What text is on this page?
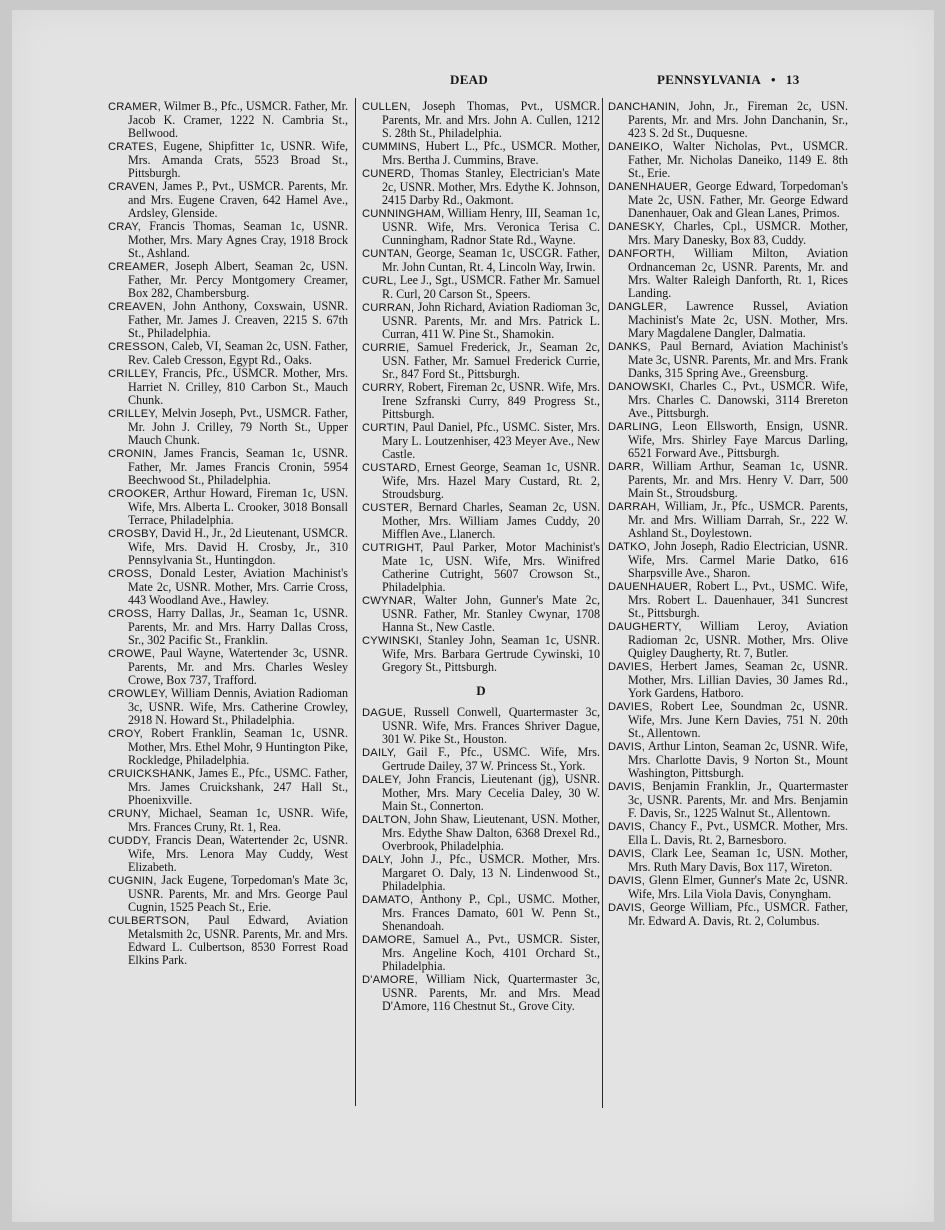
DEAD	PENNSYLVANIA • 13
CRAMER, Wilmer B., Pfc., USMCR. Father, Mr. Jacob K. Cramer, 1222 N. Cambria St., Bellwood.
CRATES, Eugene, Shipfitter 1c, USNR. Wife, Mrs. Amanda Crats, 5523 Broad St., Pittsburgh.
CRAVEN, James P., Pvt., USMCR. Parents, Mr. and Mrs. Eugene Craven, 642 Hamel Ave., Ardsley, Glenside.
CRAY, Francis Thomas, Seaman 1c, USNR. Mother, Mrs. Mary Agnes Cray, 1918 Brock St., Ashland.
CREAMER, Joseph Albert, Seaman 2c, USN. Father, Mr. Percy Montgomery Creamer, Box 282, Chambersburg.
CREAVEN, John Anthony, Coxswain, USNR. Father, Mr. James J. Creaven, 2215 S. 67th St., Philadelphia.
CRESSON, Caleb, VI, Seaman 2c, USN. Father, Rev. Caleb Cresson, Egypt Rd., Oaks.
CRILLEY, Francis, Pfc., USMCR. Mother, Mrs. Harriet N. Crilley, 810 Carbon St., Mauch Chunk.
CRILLEY, Melvin Joseph, Pvt., USMCR. Father, Mr. John J. Crilley, 79 North St., Upper Mauch Chunk.
CRONIN, James Francis, Seaman 1c, USNR. Father, Mr. James Francis Cronin, 5954 Beechwood St., Philadelphia.
CROOKER, Arthur Howard, Fireman 1c, USN. Wife, Mrs. Alberta L. Crooker, 3018 Bonsall Terrace, Philadelphia.
CROSBY, David H., Jr., 2d Lieutenant, USMCR. Wife, Mrs. David H. Crosby, Jr., 310 Pennsylvania St., Huntingdon.
CROSS, Donald Lester, Aviation Machinist's Mate 2c, USNR. Mother, Mrs. Carrie Cross, 443 Woodland Ave., Hawley.
CROSS, Harry Dallas, Jr., Seaman 1c, USNR. Parents, Mr. and Mrs. Harry Dallas Cross, Sr., 302 Pacific St., Franklin.
CROWE, Paul Wayne, Watertender 3c, USNR. Parents, Mr. and Mrs. Charles Wesley Crowe, Box 737, Trafford.
CROWLEY, William Dennis, Aviation Radioman 3c, USNR. Wife, Mrs. Catherine Crowley, 2918 N. Howard St., Philadelphia.
CROY, Robert Franklin, Seaman 1c, USNR. Mother, Mrs. Ethel Mohr, 9 Huntington Pike, Rockledge, Philadelphia.
CRUICKSHANK, James E., Pfc., USMC. Father, Mrs. James Cruickshank, 247 Hall St., Phoenixville.
CRUNY, Michael, Seaman 1c, USNR. Wife, Mrs. Frances Cruny, Rt. 1, Rea.
CUDDY, Francis Dean, Watertender 2c, USNR. Wife, Mrs. Lenora May Cuddy, West Elizabeth.
CUGNIN, Jack Eugene, Torpedoman's Mate 3c, USNR. Parents, Mr. and Mrs. George Paul Cugnin, 1525 Peach St., Erie.
CULBERTSON, Paul Edward, Aviation Metalsmith 2c, USNR. Parents, Mr. and Mrs. Edward L. Culbertson, 8530 Forrest Road Elkins Park.
CULLEN, Joseph Thomas, Pvt., USMCR. Parents, Mr. and Mrs. John A. Cullen, 1212 S. 28th St., Philadelphia.
CUMMINS, Hubert L., Pfc., USMCR. Mother, Mrs. Bertha J. Cummins, Brave.
CUNERD, Thomas Stanley, Electrician's Mate 2c, USNR. Mother, Mrs. Edythe K. Johnson, 2415 Darby Rd., Oakmont.
CUNNINGHAM, William Henry, III, Seaman 1c, USNR. Wife, Mrs. Veronica Terisa C. Cunningham, Radnor State Rd., Wayne.
CUNTAN, George, Seaman 1c, USCGR. Father, Mr. John Cuntan, Rt. 4, Lincoln Way, Irwin.
CURL, Lee J., Sgt., USMCR. Father Mr. Samuel R. Curl, 20 Carson St., Speers.
CURRAN, John Richard, Aviation Radioman 3c, USNR. Parents, Mr. and Mrs. Patrick L. Curran, 411 W. Pine St., Shamokin.
CURRIE, Samuel Frederick, Jr., Seaman 2c, USN. Father, Mr. Samuel Frederick Currie, Sr., 847 Ford St., Pittsburgh.
CURRY, Robert, Fireman 2c, USNR. Wife, Mrs. Irene Szfranski Curry, 849 Progress St., Pittsburgh.
CURTIN, Paul Daniel, Pfc., USMC. Sister, Mrs. Mary L. Loutzenhiser, 423 Meyer Ave., New Castle.
CUSTARD, Ernest George, Seaman 1c, USNR. Wife, Mrs. Hazel Mary Custard, Rt. 2, Stroudsburg.
CUSTER, Bernard Charles, Seaman 2c, USN. Mother, Mrs. William James Cuddy, 20 Mifflen Ave., Llanerch.
CUTRIGHT, Paul Parker, Motor Machinist's Mate 1c, USN. Wife, Mrs. Winifred Catherine Cutright, 5607 Crowson St., Philadelphia.
CWYNAR, Walter John, Gunner's Mate 2c, USNR. Father, Mr. Stanley Cwynar, 1708 Hanna St., New Castle.
CYWINSKI, Stanley John, Seaman 1c, USNR. Wife, Mrs. Barbara Gertrude Cywinski, 10 Gregory St., Pittsburgh.
D
DAGUE, Russell Conwell, Quartermaster 3c, USNR. Wife, Mrs. Frances Shriver Dague, 301 W. Pike St., Houston.
DAILY, Gail F., Pfc., USMC. Wife, Mrs. Gertrude Dailey, 37 W. Princess St., York.
DALEY, John Francis, Lieutenant (jg), USNR. Mother, Mrs. Mary Cecelia Daley, 30 W. Main St., Connerton.
DALTON, John Shaw, Lieutenant, USN. Mother, Mrs. Edythe Shaw Dalton, 6368 Drexel Rd., Overbrook, Philadelphia.
DALY, John J., Pfc., USMCR. Mother, Mrs. Margaret O. Daly, 13 N. Lindenwood St., Philadelphia.
DAMATO, Anthony P., Cpl., USMC. Mother, Mrs. Frances Damato, 601 W. Penn St., Shenandoah.
DAMORE, Samuel A., Pvt., USMCR. Sister, Mrs. Angeline Koch, 4101 Orchard St., Philadelphia.
D'AMORE, William Nick, Quartermaster 3c, USNR. Parents, Mr. and Mrs. Mead D'Amore, 116 Chestnut St., Grove City.
DANCHANIN, John, Jr., Fireman 2c, USN. Parents, Mr. and Mrs. John Danchanin, Sr., 423 S. 2d St., Duquesne.
DANEIKO, Walter Nicholas, Pvt., USMCR. Father, Mr. Nicholas Daneiko, 1149 E. 8th St., Erie.
DANENHAUER, George Edward, Torpedoman's Mate 2c, USN. Father, Mr. George Edward Danenhauer, Oak and Glean Lanes, Primos.
DANESKY, Charles, Cpl., USMCR. Mother, Mrs. Mary Danesky, Box 83, Cuddy.
DANFORTH, William Milton, Aviation Ordnanceman 2c, USNR. Parents, Mr. and Mrs. Walter Raleigh Danforth, Rt. 1, Rices Landing.
DANGLER, Lawrence Russel, Aviation Machinist's Mate 2c, USN. Mother, Mrs. Mary Magdalene Dangler, Dalmatia.
DANKS, Paul Bernard, Aviation Machinist's Mate 3c, USNR. Parents, Mr. and Mrs. Frank Danks, 315 Spring Ave., Greensburg.
DANOWSKI, Charles C., Pvt., USMCR. Wife, Mrs. Charles C. Danowski, 3114 Brereton Ave., Pittsburgh.
DARLING, Leon Ellsworth, Ensign, USNR. Wife, Mrs. Shirley Faye Marcus Darling, 6521 Forward Ave., Pittsburgh.
DARR, William Arthur, Seaman 1c, USNR. Parents, Mr. and Mrs. Henry V. Darr, 500 Main St., Stroudsburg.
DARRAH, William, Jr., Pfc., USMCR. Parents, Mr. and Mrs. William Darrah, Sr., 222 W. Ashland St., Doylestown.
DATKO, John Joseph, Radio Electrician, USNR. Wife, Mrs. Carmel Marie Datko, 616 Sharpsville Ave., Sharon.
DAUENHAUER, Robert L., Pvt., USMC. Wife, Mrs. Robert L. Dauenhauer, 341 Suncrest St., Pittsburgh.
DAUGHERTY, William Leroy, Aviation Radioman 2c, USNR. Mother, Mrs. Olive Quigley Daugherty, Rt. 7, Butler.
DAVIES, Herbert James, Seaman 2c, USNR. Mother, Mrs. Lillian Davies, 30 James Rd., York Gardens, Hatboro.
DAVIES, Robert Lee, Soundman 2c, USNR. Wife, Mrs. June Kern Davies, 751 N. 20th St., Allentown.
DAVIS, Arthur Linton, Seaman 2c, USNR. Wife, Mrs. Charlotte Davis, 9 Norton St., Mount Washington, Pittsburgh.
DAVIS, Benjamin Franklin, Jr., Quartermaster 3c, USNR. Parents, Mr. and Mrs. Benjamin F. Davis, Sr., 1225 Walnut St., Allentown.
DAVIS, Chancy F., Pvt., USMCR. Mother, Mrs. Ella L. Davis, Rt. 2, Barnesboro.
DAVIS, Clark Lee, Seaman 1c, USN. Mother, Mrs. Ruth Mary Davis, Box 117, Wireton.
DAVIS, Glenn Elmer, Gunner's Mate 2c, USNR. Wife, Mrs. Lila Viola Davis, Conyngham.
DAVIS, George William, Pfc., USMCR. Father, Mr. Edward A. Davis, Rt. 2, Columbus.
